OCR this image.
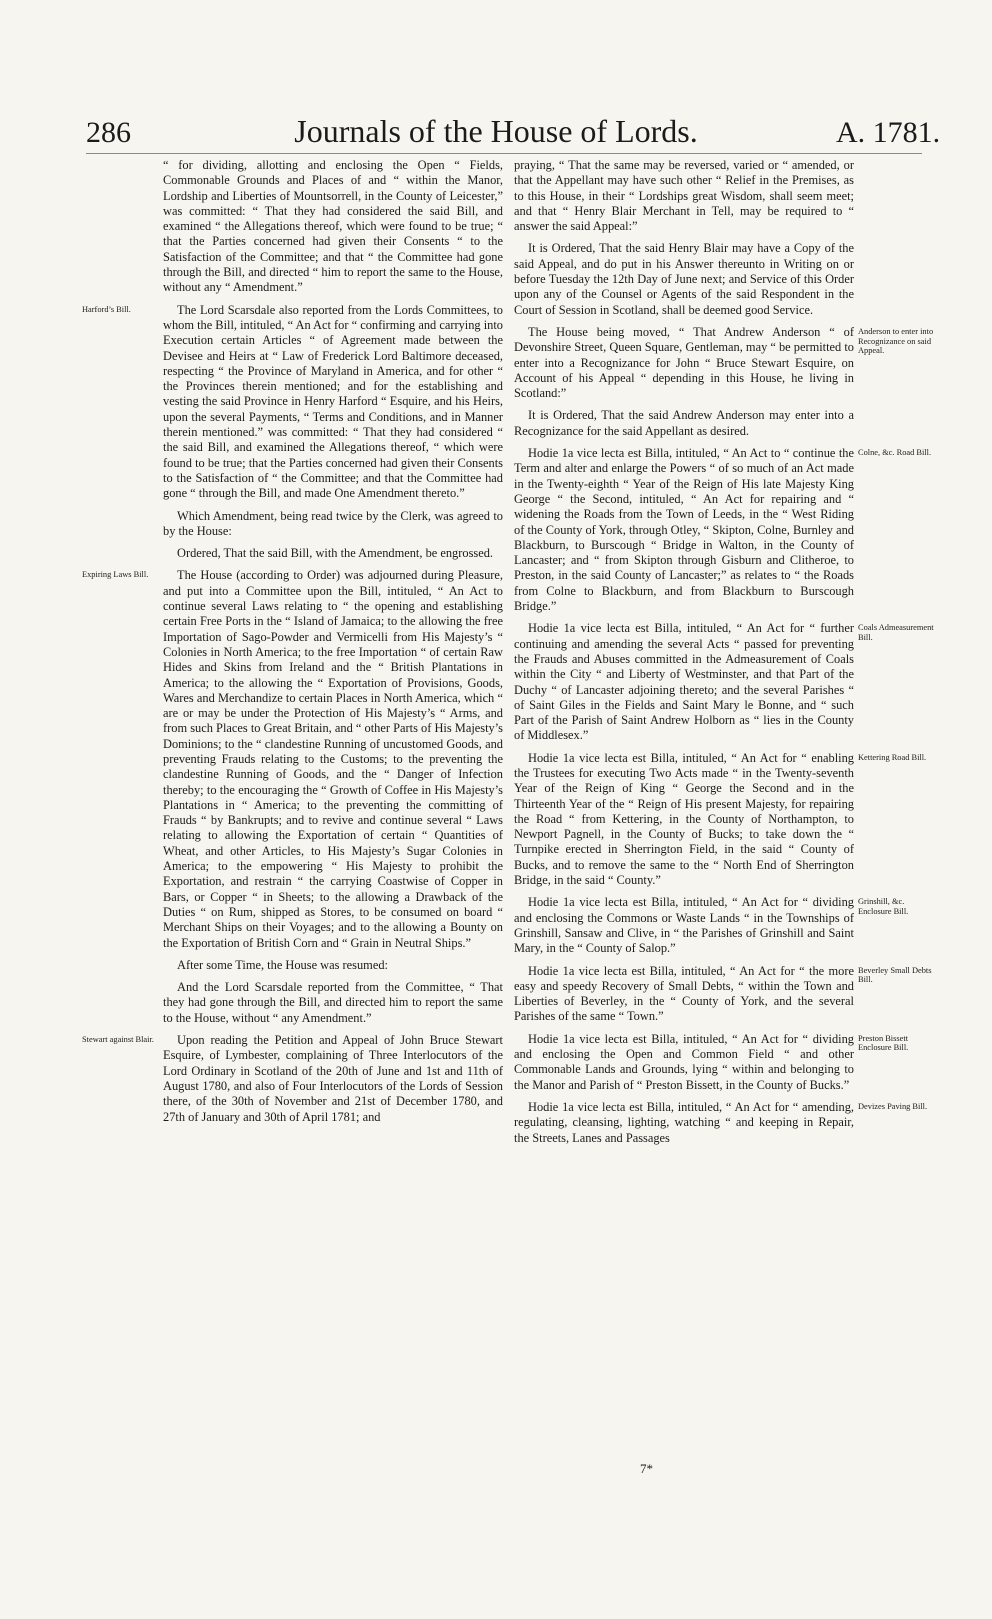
286	Journals of the House of Lords.	A. 1781.

“ for dividing, allotting and enclosing the Open “ Fields, Commonable Grounds and Places of and “ within the Manor, Lordship and Liberties of Mountsorrell, in the County of Leicester,” was committed: “ That they had considered the said Bill, and examined “ the Allegations thereof, which were found to be true; “ that the Parties concerned had given their Consents “ to the Satisfaction of the Committee; and that “ the Committee had gone through the Bill, and directed “ him to report the same to the House, without any “ Amendment.”

Harford’s Bill.	The Lord Scarsdale also reported from the Lords Committees, to whom the Bill, intituled, “ An Act for “ confirming and carrying into Execution certain Articles “ of Agreement made between the Devisee and Heirs at “ Law of Frederick Lord Baltimore deceased, respecting “ the Province of Maryland in America, and for other “ the Provinces therein mentioned; and for the establishing and vesting the said Province in Henry Harford “ Esquire, and his Heirs, upon the several Payments, “ Terms and Conditions, and in Manner therein mentioned.” was committed: “ That they had considered “ the said Bill, and examined the Allegations thereof, “ which were found to be true; that the Parties concerned had given their Consents to the Satisfaction of “ the Committee; and that the Committee had gone “ through the Bill, and made One Amendment thereto.”

Which Amendment, being read twice by the Clerk, was agreed to by the House:

Ordered, That the said Bill, with the Amendment, be engrossed.

Expiring Laws Bill.	The House (according to Order) was adjourned during Pleasure, and put into a Committee upon the Bill, intituled, “ An Act to continue several Laws relating to “ the opening and establishing certain Free Ports in the “ Island of Jamaica; to the allowing the free Importation of Sago-Powder and Vermicelli from His Majesty’s “ Colonies in North America; to the free Importation “ of certain Raw Hides and Skins from Ireland and the “ British Plantations in America; to the allowing the “ Exportation of Provisions, Goods, Wares and Merchandize to certain Places in North America, which “ are or may be under the Protection of His Majesty’s “ Arms, and from such Places to Great Britain, and “ other Parts of His Majesty’s Dominions; to the “ clandestine Running of uncustomed Goods, and preventing Frauds relating to the Customs; to the preventing the clandestine Running of Goods, and the “ Danger of Infection thereby; to the encouraging the “ Growth of Coffee in His Majesty’s Plantations in “ America; to the preventing the committing of Frauds “ by Bankrupts; and to revive and continue several “ Laws relating to allowing the Exportation of certain “ Quantities of Wheat, and other Articles, to His Majesty’s Sugar Colonies in America; to the empowering “ His Majesty to prohibit the Exportation, and restrain “ the carrying Coastwise of Copper in Bars, or Copper “ in Sheets; to the allowing a Drawback of the Duties “ on Rum, shipped as Stores, to be consumed on board “ Merchant Ships on their Voyages; and to the allowing a Bounty on the Exportation of British Corn and “ Grain in Neutral Ships.”

After some Time, the House was resumed:

And the Lord Scarsdale reported from the Committee, “ That they had gone through the Bill, and directed him to report the same to the House, without “ any Amendment.”

Stewart against Blair.	Upon reading the Petition and Appeal of John Bruce Stewart Esquire, of Lymbester, complaining of Three Interlocutors of the Lord Ordinary in Scotland of the 20th of June and 1st and 11th of August 1780, and also of Four Interlocutors of the Lords of Session there, of the 30th of November and 21st of December 1780, and 27th of January and 30th of April 1781; and

praying, “ That the same may be reversed, varied or “ amended, or that the Appellant may have such other “ Relief in the Premises, as to this House, in their “ Lordships great Wisdom, shall seem meet; and that “ Henry Blair Merchant in Tell, may be required to “ answer the said Appeal:”

It is Ordered, That the said Henry Blair may have a Copy of the said Appeal, and do put in his Answer thereunto in Writing on or before Tuesday the 12th Day of June next; and Service of this Order upon any of the Counsel or Agents of the said Respondent in the Court of Session in Scotland, shall be deemed good Service.

Anderson to enter into Recognizance on said Appeal.

The House being moved, “ That Andrew Anderson “ of Devonshire Street, Queen Square, Gentleman, may “ be permitted to enter into a Recognizance for John “ Bruce Stewart Esquire, on Account of his Appeal “ depending in this House, he living in Scotland:”

It is Ordered, That the said Andrew Anderson may enter into a Recognizance for the said Appellant as desired.

Colne, &c. Road Bill.

Hodie 1a vice lecta est Billa, intituled, “ An Act to “ continue the Term and alter and enlarge the Powers “ of so much of an Act made in the Twenty-eighth “ Year of the Reign of His late Majesty King George “ the Second, intituled, “ An Act for repairing and “ widening the Roads from the Town of Leeds, in the “ West Riding of the County of York, through Otley, “ Skipton, Colne, Burnley and Blackburn, to Burscough “ Bridge in Walton, in the County of Lancaster; and “ from Skipton through Gisburn and Clitheroe, to Preston, in the said County of Lancaster;” as relates to “ the Roads from Colne to Blackburn, and from Blackburn to Burscough Bridge.”

Coals Admeasurement Bill.

Hodie 1a vice lecta est Billa, intituled, “ An Act for “ further continuing and amending the several Acts “ passed for preventing the Frauds and Abuses committed in the Admeasurement of Coals within the City “ and Liberty of Westminster, and that Part of the Duchy “ of Lancaster adjoining thereto; and the several Parishes “ of Saint Giles in the Fields and Saint Mary le Bonne, and “ such Part of the Parish of Saint Andrew Holborn as “ lies in the County of Middlesex.”

Kettering Road Bill.

Hodie 1a vice lecta est Billa, intituled, “ An Act for “ enabling the Trustees for executing Two Acts made “ in the Twenty-seventh Year of the Reign of King “ George the Second and in the Thirteenth Year of the “ Reign of His present Majesty, for repairing the Road “ from Kettering, in the County of Northampton, to Newport Pagnell, in the County of Bucks; to take down the “ Turnpike erected in Sherrington Field, in the said “ County of Bucks, and to remove the same to the “ North End of Sherrington Bridge, in the said “ County.”

Grinshill, &c. Enclosure Bill.

Hodie 1a vice lecta est Billa, intituled, “ An Act for “ dividing and enclosing the Commons or Waste Lands “ in the Townships of Grinshill, Sansaw and Clive, in “ the Parishes of Grinshill and Saint Mary, in the “ County of Salop.”

Beverley Small Debts Bill.

Hodie 1a vice lecta est Billa, intituled, “ An Act for “ the more easy and speedy Recovery of Small Debts, “ within the Town and Liberties of Beverley, in the “ County of York, and the several Parishes of the same “ Town.”

Preston Bissett Enclosure Bill.

Hodie 1a vice lecta est Billa, intituled, “ An Act for “ dividing and enclosing the Open and Common Field “ and other Commonable Lands and Grounds, lying “ within and belonging to the Manor and Parish of “ Preston Bissett, in the County of Bucks.”

Devizes Paving Bill.

Hodie 1a vice lecta est Billa, intituled, “ An Act for “ amending, regulating, cleansing, lighting, watching “ and keeping in Repair, the Streets, Lanes and Passages

7*
